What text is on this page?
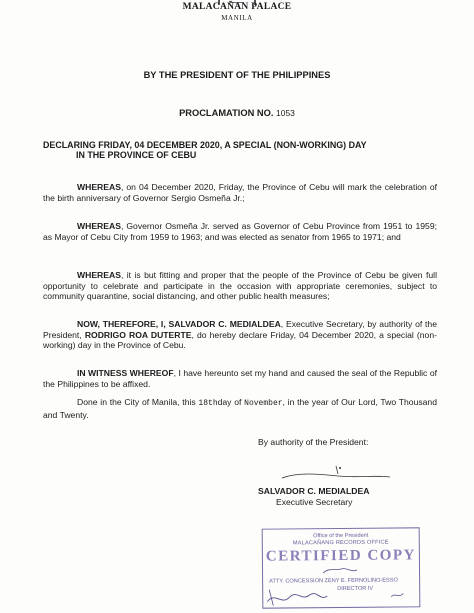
MALACAÑAN PALACE
MANILA
BY THE PRESIDENT OF THE PHILIPPINES
PROCLAMATION NO. 1053
DECLARING FRIDAY, 04 DECEMBER 2020, A SPECIAL (NON-WORKING) DAY
IN THE PROVINCE OF CEBU
WHEREAS, on 04 December 2020, Friday, the Province of Cebu will mark the celebration of the birth anniversary of Governor Sergio Osmeña Jr.;
WHEREAS, Governor Osmeña Jr. served as Governor of Cebu Province from 1951 to 1959; as Mayor of Cebu City from 1959 to 1963; and was elected as senator from 1965 to 1971; and
WHEREAS, it is but fitting and proper that the people of the Province of Cebu be given full opportunity to celebrate and participate in the occasion with appropriate ceremonies, subject to community quarantine, social distancing, and other public health measures;
NOW, THEREFORE, I, SALVADOR C. MEDIALDEA, Executive Secretary, by authority of the President, RODRIGO ROA DUTERTE, do hereby declare Friday, 04 December 2020, a special (non-working) day in the Province of Cebu.
IN WITNESS WHEREOF, I have hereunto set my hand and caused the seal of the Republic of the Philippines to be affixed.
Done in the City of Manila, this 18thday of November, in the year of Our Lord, Two Thousand and Twenty.
By authority of the President:
SALVADOR C. MEDIALDEA
Executive Secretary
Office of the President
MALACAÑANG RECORDS OFFICE
CERTIFIED COPY
ATTY. CONCESSION ZENY E. FERNOLINO-ESSO
DIRECTOR IV
